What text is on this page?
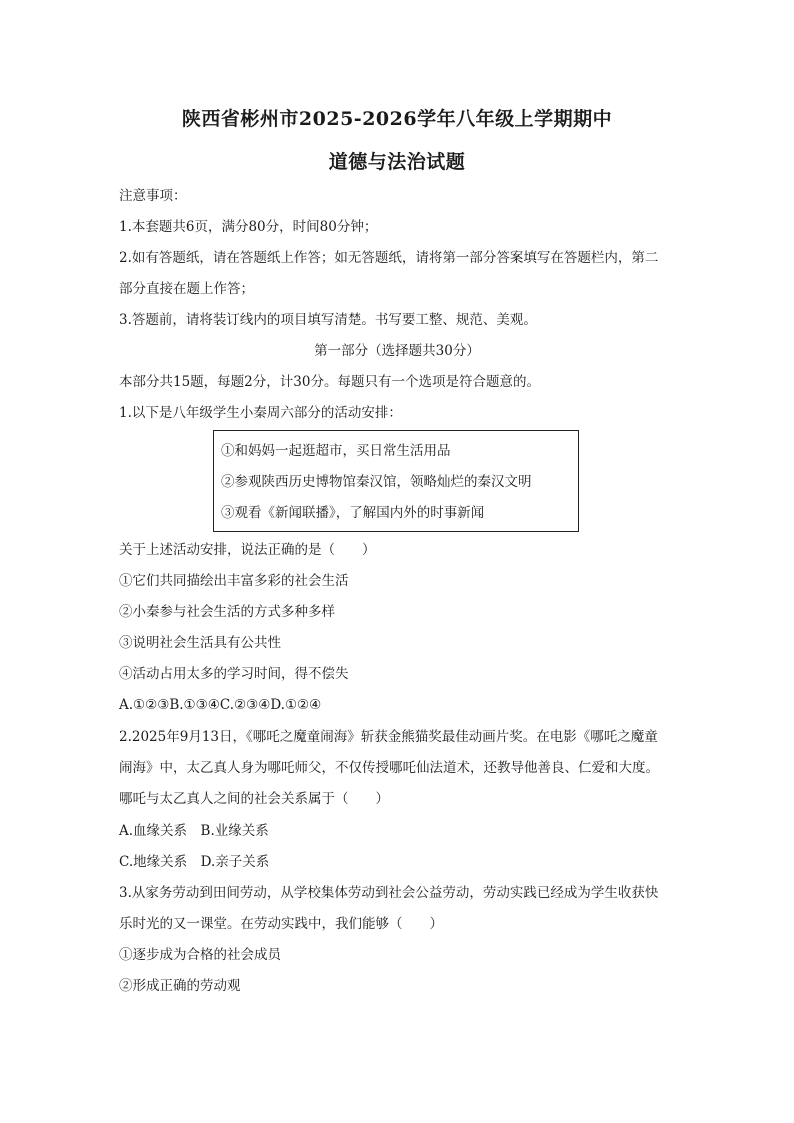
陕西省彬州市2025-2026学年八年级上学期期中
道德与法治试题
注意事项：
1.本套题共6页，满分80分，时间80分钟；
2.如有答题纸，请在答题纸上作答；如无答题纸，请将第一部分答案填写在答题栏内，第二
部分直接在题上作答；
3.答题前，请将装订线内的项目填写清楚。书写要工整、规范、美观。
第一部分（选择题共30分）
本部分共15题，每题2分，计30分。每题只有一个选项是符合题意的。
1.以下是八年级学生小秦周六部分的活动安排：
①和妈妈一起逛超市，买日常生活用品
②参观陕西历史博物馆秦汉馆，领略灿烂的秦汉文明
③观看《新闻联播》，了解国内外的时事新闻
关于上述活动安排，说法正确的是（　　）
①它们共同描绘出丰富多彩的社会生活
②小秦参与社会生活的方式多种多样
③说明社会生活具有公共性
④活动占用太多的学习时间，得不偿失
A.①②③B.①③④C.②③④D.①②④
2.2025年9月13日，《哪吒之魔童闹海》斩获金熊猫奖最佳动画片奖。在电影《哪吒之魔童
闹海》中，太乙真人身为哪吒师父，不仅传授哪吒仙法道术，还教导他善良、仁爱和大度。
哪吒与太乙真人之间的社会关系属于（　　）
A.血缘关系　B.业缘关系
C.地缘关系　D.亲子关系
3.从家务劳动到田间劳动，从学校集体劳动到社会公益劳动，劳动实践已经成为学生收获快
乐时光的又一课堂。在劳动实践中，我们能够（　　）
①逐步成为合格的社会成员
②形成正确的劳动观
